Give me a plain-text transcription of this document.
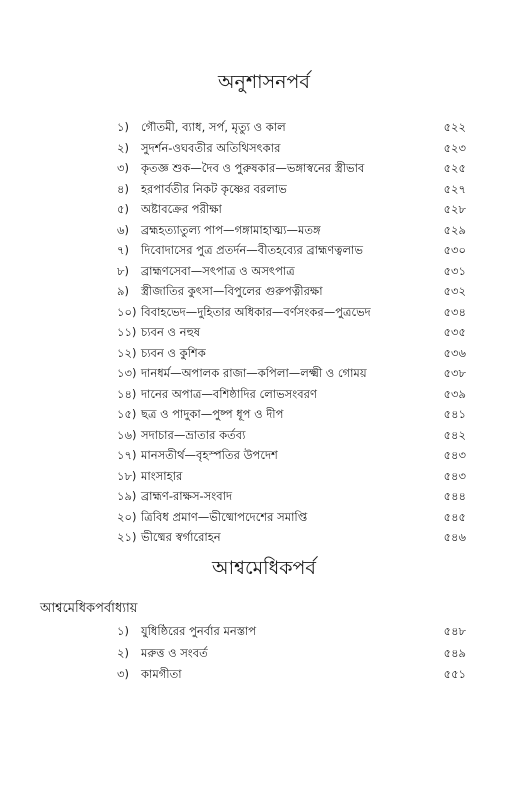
অনুশাসনপর্ব
১) গৌতমী, ব্যাধ, সর্প, মৃত্যু ও কাল	৫২২
২) সুদর্শন-ওঘবতীর অতিথিসৎকার	৫২৩
৩) কৃতজ্ঞ শুক—দৈব ও পুরুষকার—ভঙ্গাস্বনের স্ত্রীভাব	৫২৫
৪) হরপার্বতীর নিকট কৃষ্ণের বরলাভ	৫২৭
৫) অষ্টাবক্রের পরীক্ষা	৫২৮
৬) ব্রহ্মহত্যাতুল্য পাপ—গঙ্গামাহাত্ম্য—মতঙ্গ	৫২৯
৭) দিবোদাসের পুত্র প্রতর্দন—বীতহব্যের ব্রাহ্মণত্বলাভ	৫৩০
৮) ব্রাহ্মণসেবা—সৎপাত্র ও অসৎপাত্র	৫৩১
৯) স্ত্রীজাতির কুৎসা—বিপুলের গুরুপত্নীরক্ষা	৫৩২
১০) বিবাহভেদ—দুহিতার অধিকার—বর্ণসংকর—পুত্রভেদ	৫৩৪
১১) চ্যবন ও নহুষ	৫৩৫
১২) চ্যবন ও কুশিক	৫৩৬
১৩) দানধর্ম—অপালক রাজা—কপিলা—লক্ষ্মী ও গোময়	৫৩৮
১৪) দানের অপাত্র—বশিষ্ঠাদির লোভসংবরণ	৫৩৯
১৫) ছত্র ও পাদুকা—পুষ্প ধূপ ও দীপ	৫৪১
১৬) সদাচার—ভ্রাতার কর্তব্য	৫৪২
১৭) মানসতীর্থ—বৃহস্পতির উপদেশ	৫৪৩
১৮) মাংসাহার	৫৪৩
১৯) ব্রাহ্মণ-রাক্ষস-সংবাদ	৫৪৪
২০) ত্রিবিধ প্রমাণ—ভীষ্মোপদেশের সমাপ্তি	৫৪৫
২১) ভীষ্মের স্বর্গারোহন	৫৪৬
আশ্বমেধিকপর্ব
আশ্বমেধিকপর্বাধ্যায়
১) যুধিষ্ঠিরের পুনর্বার মনস্তাপ	৫৪৮
২) মরুত্ত ও সংবর্ত	৫৪৯
৩) কামগীতা	৫৫১
